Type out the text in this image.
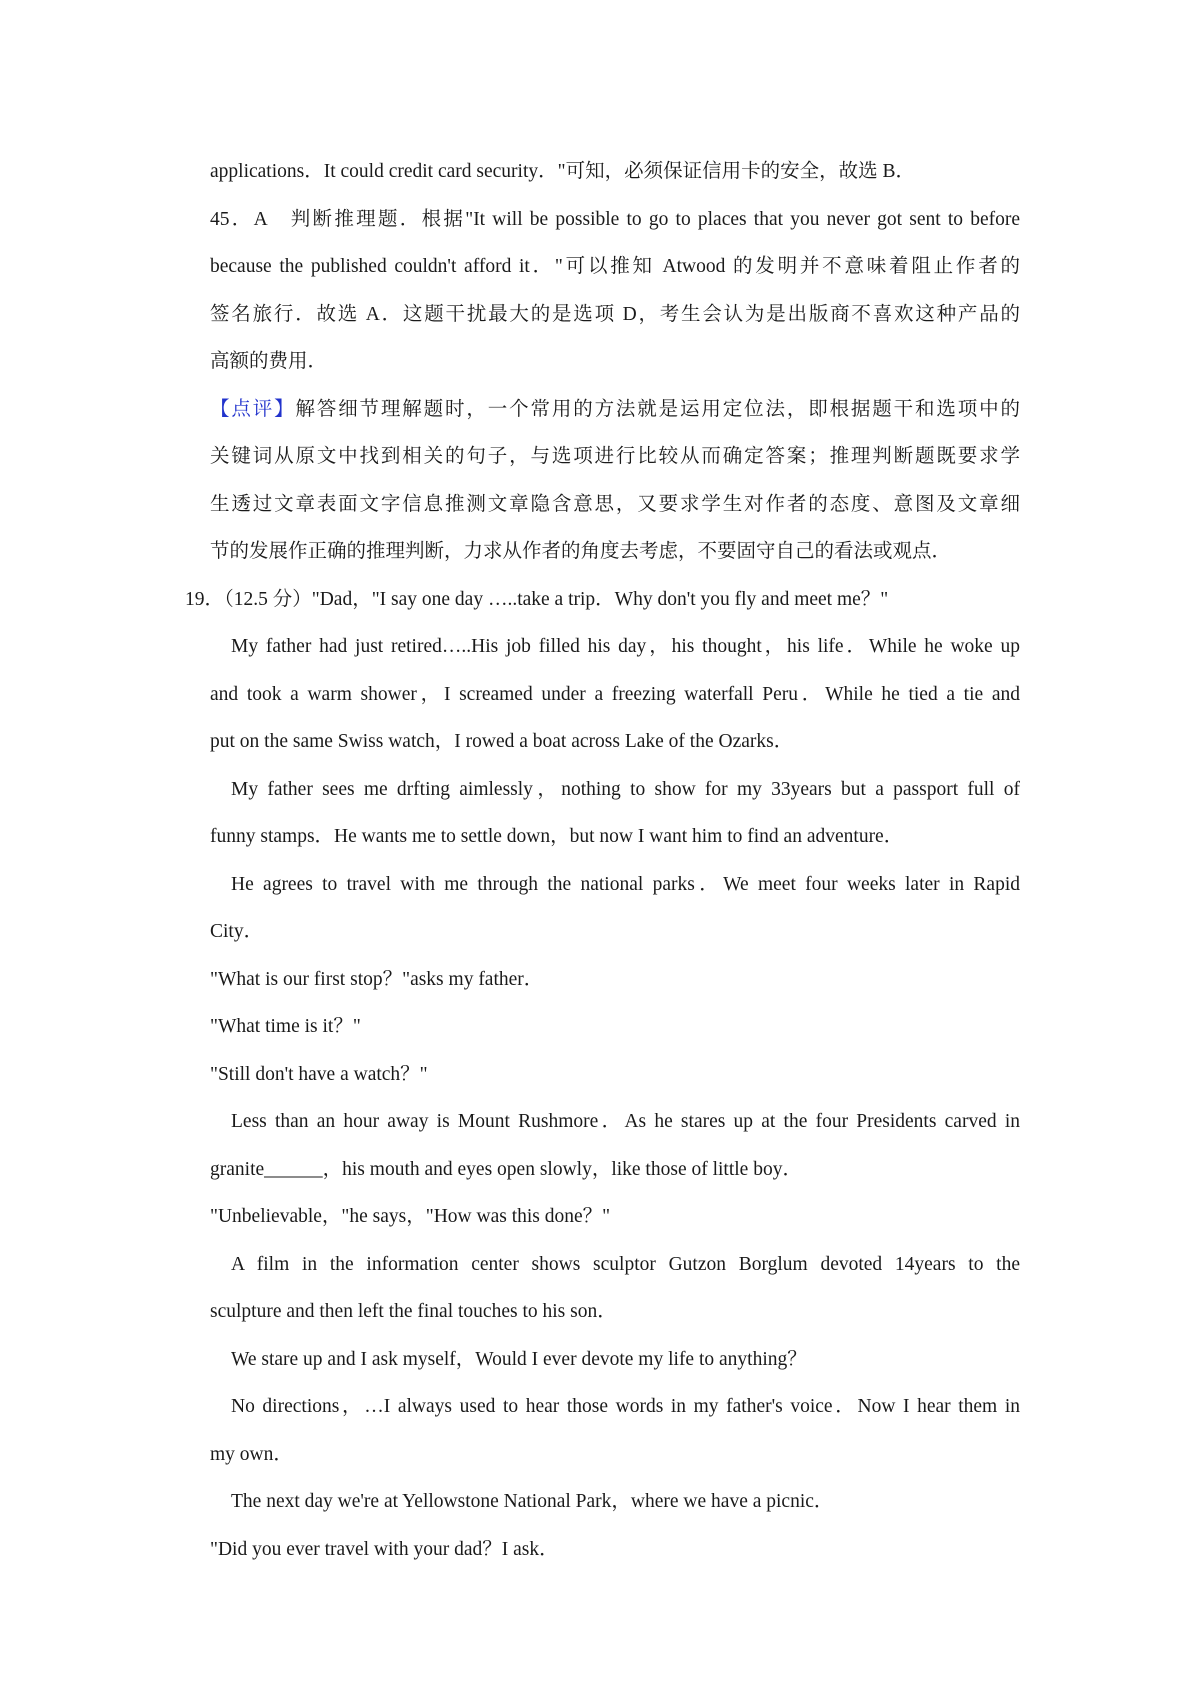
applications．It could credit card security．"可知，必须保证信用卡的安全，故选 B．
45．A　判断推理题．根据"It will be possible to go to places that you never got sent to before
because the published couldn't afford it．"可以推知 Atwood 的发明并不意味着阻止作者的
签名旅行．故选 A．这题干扰最大的是选项 D，考生会认为是出版商不喜欢这种产品的
高额的费用．
【点评】解答细节理解题时，一个常用的方法就是运用定位法，即根据题干和选项中的
关键词从原文中找到相关的句子，与选项进行比较从而确定答案；推理判断题既要求学
生透过文章表面文字信息推测文章隐含意思，又要求学生对作者的态度、意图及文章细
节的发展作正确的推理判断，力求从作者的角度去考虑，不要固守自己的看法或观点．
19．（12.5 分）"Dad，"I say one day …..take a trip．Why don't you fly and meet me？"
My father had just retired…..His job filled his day，his thought，his life．While he woke up
and took a warm shower，I screamed under a freezing waterfall Peru．While he tied a tie and
put on the same Swiss watch，I rowed a boat across Lake of the Ozarks．
My father sees me drfting aimlessly，nothing to show for my 33years but a passport full of
funny stamps．He wants me to settle down，but now I want him to find an adventure．
He agrees to travel with me through the national parks．We meet four weeks later in Rapid
City．
"What is our first stop？"asks my father．
"What time is it？"
"Still don't have a watch？"
Less than an hour away is Mount Rushmore．As he stares up at the four Presidents carved in
granite______，his mouth and eyes open slowly，like those of little boy．
"Unbelievable，"he says，"How was this done？"
A film in the information center shows sculptor Gutzon Borglum devoted 14years to the
sculpture and then left the final touches to his son．
We stare up and I ask myself，Would I ever devote my life to anything？
No directions，…I always used to hear those words in my father's voice．Now I hear them in
my own．
The next day we're at Yellowstone National Park，where we have a picnic．
"Did you ever travel with your dad？I ask．
